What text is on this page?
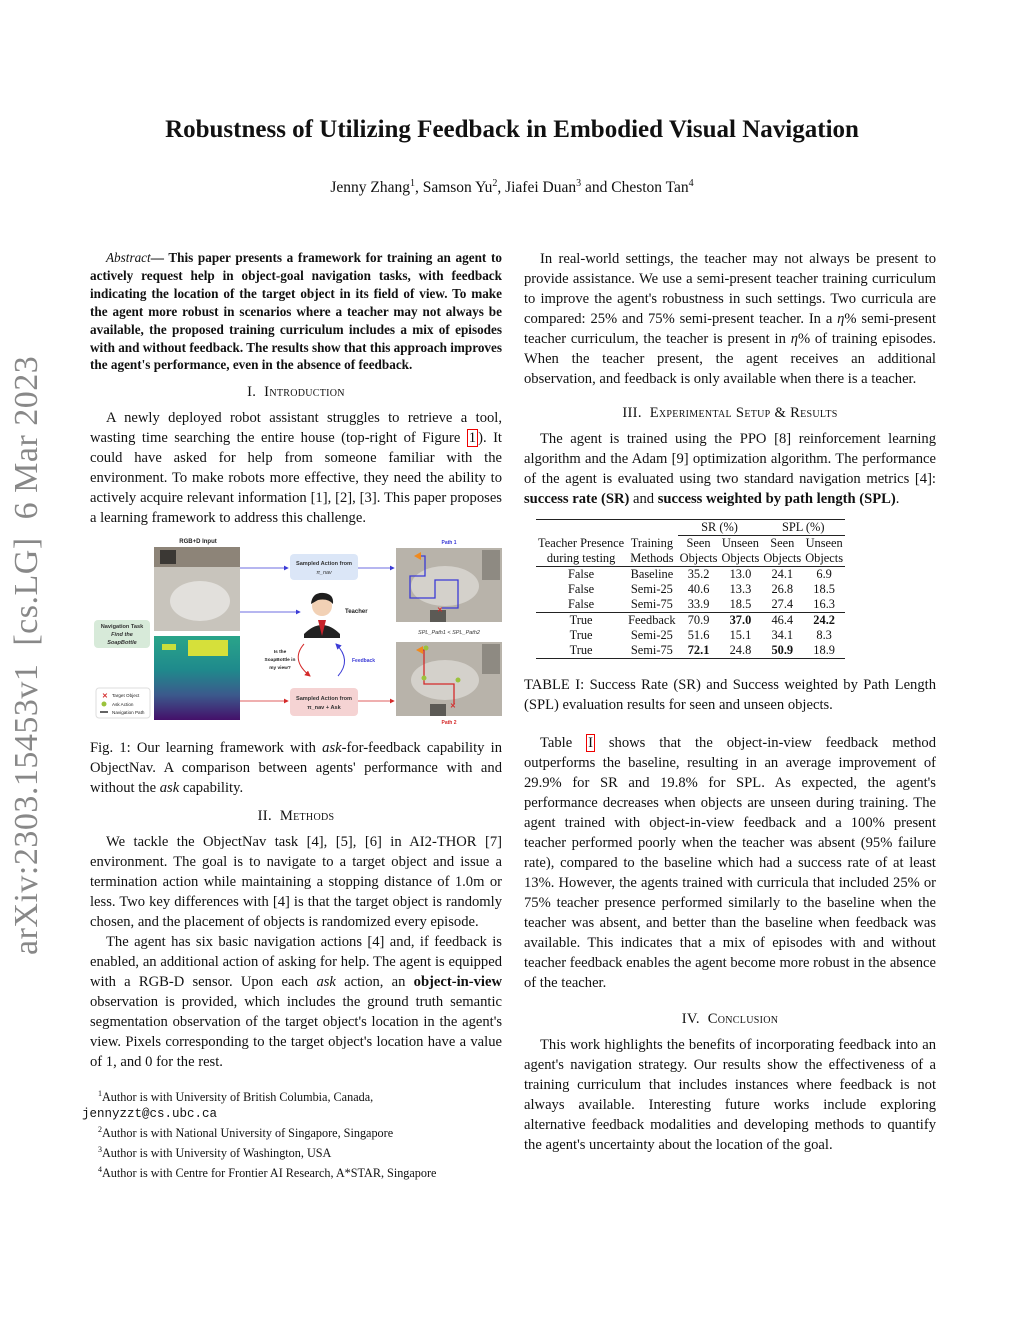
Robustness of Utilizing Feedback in Embodied Visual Navigation
Jenny Zhang$^1$, Samson Yu$^2$, Jiafei Duan$^3$ and Cheston Tan$^4$
arXiv:2303.15453v1  [cs.LG]  6 Mar 2023

Abstract— This paper presents a framework for training an agent to actively request help in object-goal navigation tasks, with feedback indicating the location of the target object in its field of view. To make the agent more robust in scenarios where a teacher may not always be available, the proposed training curriculum includes a mix of episodes with and without feedback. The results show that this approach improves the agent's performance, even in the absence of feedback.

I. Introduction

A newly deployed robot assistant struggles to retrieve a tool, wasting time searching the entire house (top-right of Figure 1 ). It could have asked for help from someone familiar with the environment. To make robots more effective, they need the ability to actively acquire relevant information [1], [2], [3]. This paper proposes a learning framework to address this challenge.

RGB+D Input
Navigation Task
Find the
SoapBottle
✕ Target Object
Ask Action
Navigation Path
Sampled Action from
π_nav
Teacher
Is the
SoapBottle in
my view?
Feedback
Sampled Action from
π_nav + Ask
Path 1
✕
SPL_Path1 < SPL_Path2
✕
Path 2

Fig. 1: Our learning framework with ask-for-feedback capability in ObjectNav. A comparison between agents' performance with and without the ask capability.

II. Methods

We tackle the ObjectNav task [4], [5], [6] in AI2-THOR [7] environment. The goal is to navigate to a target object and issue a termination action while maintaining a stopping distance of 1.0m or less. Two key differences with [4] is that the target object is randomly chosen, and the placement of objects is randomized every episode.

The agent has six basic navigation actions [4] and, if feedback is enabled, an additional action of asking for help. The agent is equipped with a RGB-D sensor. Upon each ask action, an object-in-view observation is provided, which includes the ground truth semantic segmentation observation of the target object's location in the agent's view. Pixels corresponding to the target object's location have a value of 1, and 0 for the rest.

$^1$Author is with University of British Columbia, Canada,
jennyzzt@cs.ubc.ca

$^2$Author is with National University of Singapore, Singapore

$^3$Author is with University of Washington, USA

$^4$Author is with Centre for Frontier AI Research, A*STAR, Singapore

In real-world settings, the teacher may not always be present to provide assistance. We use a semi-present teacher training curriculum to improve the agent's robustness in such settings. Two curricula are compared: 25% and 75% semi-present teacher. In a η% semi-present teacher curriculum, the teacher is present in η% of training episodes. When the teacher present, the agent receives an additional observation, and feedback is only available when there is a teacher.

III. Experimental Setup & Results

The agent is trained using the PPO [8] reinforcement learning algorithm and the Adam [9] optimization algorithm. The performance of the agent is evaluated using two standard navigation metrics [4]: success rate (SR) and success weighted by path length (SPL).

		SR (%)		SPL (%)	
Teacher Presence	Training	Seen	Unseen	Seen	Unseen
during testing	Methods	Objects	Objects	Objects	Objects
False	Baseline	35.2	13.0	24.1	6.9
False	Semi-25	40.6	13.3	26.8	18.5
False	Semi-75	33.9	18.5	27.4	16.3
True	Feedback	70.9	37.0	46.4	24.2
True	Semi-25	51.6	15.1	34.1	8.3
True	Semi-75	72.1	24.8	50.9	18.9

TABLE I: Success Rate (SR) and Success weighted by Path Length (SPL) evaluation results for seen and unseen objects.

Table I shows that the object-in-view feedback method outperforms the baseline, resulting in an average improvement of 29.9% for SR and 19.8% for SPL. As expected, the agent's performance decreases when objects are unseen during training. The agent trained with object-in-view feedback and a 100% present teacher performed poorly when the teacher was absent (95% failure rate), compared to the baseline which had a success rate of at least 13%. However, the agents trained with curricula that included 25% or 75% teacher presence performed similarly to the baseline when the teacher was absent, and better than the baseline when feedback was available. This indicates that a mix of episodes with and without teacher feedback enables the agent become more robust in the absence of the teacher.

IV. Conclusion

This work highlights the benefits of incorporating feedback into an agent's navigation strategy. Our results show the effectiveness of a training curriculum that includes instances where feedback is not always available. Interesting future works include exploring alternative feedback modalities and developing methods to quantify the agent's uncertainty about the location of the goal.
